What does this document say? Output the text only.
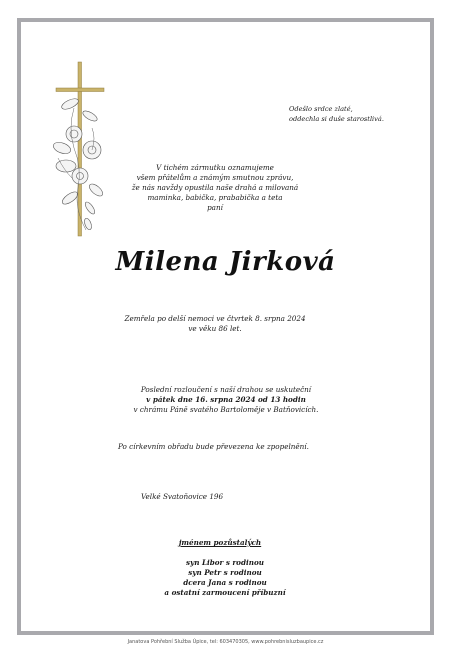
Odešlo srdce zlaté,
oddechla si duše starostlivá.
V tichém zármutku oznamujeme
všem přátelům a známým smutnou zprávu,
že nás navždy opustila naše drahá a milovaná
maminka, babička, prababička a teta
paní
Milena Jirková
Zemřela po delší nemoci ve čtvrtek 8. srpna 2024
ve věku 86 let.
Poslední rozloučení s naší drahou se uskuteční
v pátek dne 16. srpna 2024 od 13 hodin
v chrámu Páně svatého Bartoloměje v Batňovicích.
Po církevním obřadu bude převezena ke zpopelnění.
Velké Svatoňovice 196
jménem pozůstalých
syn Libor s rodinou
syn Petr s rodinou
dcera Jana s rodinou
a ostatní zarmoucení příbuzní
Janatova Pohřební Služba Úpice, tel: 603470305, www.pohrebnisluzbaupice.cz
